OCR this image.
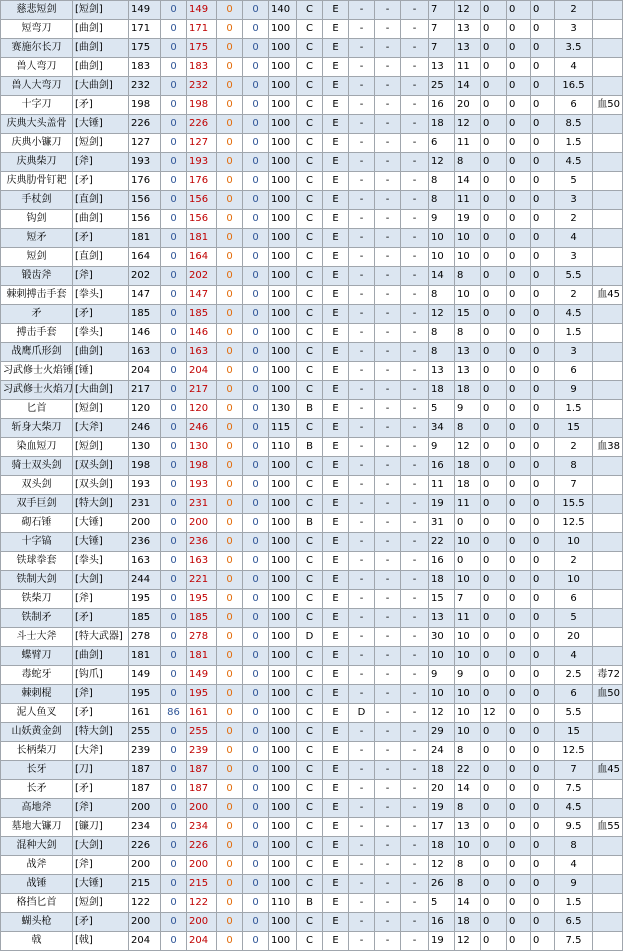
慈悲短剑	[短剑]	149	0	149	0	0	140	C	E	-	-	-	7	12	0	0	0	2	
短弯刀	[曲剑]	171	0	171	0	0	100	C	E	-	-	-	7	13	0	0	0	3	
赛施尔长刀	[曲剑]	175	0	175	0	0	100	C	E	-	-	-	7	13	0	0	0	3.5	
兽人弯刀	[曲剑]	183	0	183	0	0	100	C	E	-	-	-	13	11	0	0	0	4	
兽人大弯刀	[大曲剑]	232	0	232	0	0	100	C	E	-	-	-	25	14	0	0	0	16.5	
十字刀	[矛]	198	0	198	0	0	100	C	E	-	-	-	16	20	0	0	0	6	血50
庆典大头盖骨	[大锤]	226	0	226	0	0	100	C	E	-	-	-	18	12	0	0	0	8.5	
庆典小镰刀	[短剑]	127	0	127	0	0	100	C	E	-	-	-	6	11	0	0	0	1.5	
庆典柴刀	[斧]	193	0	193	0	0	100	C	E	-	-	-	12	8	0	0	0	4.5	
庆典肋骨钉耙	[矛]	176	0	176	0	0	100	C	E	-	-	-	8	14	0	0	0	5	
手杖剑	[直剑]	156	0	156	0	0	100	C	E	-	-	-	8	11	0	0	0	3	
钩剑	[曲剑]	156	0	156	0	0	100	C	E	-	-	-	9	19	0	0	0	2	
短矛	[矛]	181	0	181	0	0	100	C	E	-	-	-	10	10	0	0	0	4	
短剑	[直剑]	164	0	164	0	0	100	C	E	-	-	-	10	10	0	0	0	3	
锻齿斧	[斧]	202	0	202	0	0	100	C	E	-	-	-	14	8	0	0	0	5.5	
棘刺搏击手套	[拳头]	147	0	147	0	0	100	C	E	-	-	-	8	10	0	0	0	2	血45
矛	[矛]	185	0	185	0	0	100	C	E	-	-	-	12	15	0	0	0	4.5	
搏击手套	[拳头]	146	0	146	0	0	100	C	E	-	-	-	8	8	0	0	0	1.5	
战鹰爪形剑	[曲剑]	163	0	163	0	0	100	C	E	-	-	-	8	13	0	0	0	3	
习武修士火焰锤	[锤]	204	0	204	0	0	100	C	E	-	-	-	13	13	0	0	0	6	
习武修士火焰刀	[大曲剑]	217	0	217	0	0	100	C	E	-	-	-	18	18	0	0	0	9	
匕首	[短剑]	120	0	120	0	0	130	B	E	-	-	-	5	9	0	0	0	1.5	
斩身大柴刀	[大斧]	246	0	246	0	0	115	C	E	-	-	-	34	8	0	0	0	15	
染血短刀	[短剑]	130	0	130	0	0	110	B	E	-	-	-	9	12	0	0	0	2	血38
骑士双头剑	[双头剑]	198	0	198	0	0	100	C	E	-	-	-	16	18	0	0	0	8	
双头剑	[双头剑]	193	0	193	0	0	100	C	E	-	-	-	11	18	0	0	0	7	
双手巨剑	[特大剑]	231	0	231	0	0	100	C	E	-	-	-	19	11	0	0	0	15.5	
砌石锤	[大锤]	200	0	200	0	0	100	B	E	-	-	-	31	0	0	0	0	12.5	
十字镐	[大锤]	236	0	236	0	0	100	C	E	-	-	-	22	10	0	0	0	10	
铁球拳套	[拳头]	163	0	163	0	0	100	C	E	-	-	-	16	0	0	0	0	2	
铁制大剑	[大剑]	244	0	221	0	0	100	C	E	-	-	-	18	10	0	0	0	10	
铁柴刀	[斧]	195	0	195	0	0	100	C	E	-	-	-	15	7	0	0	0	6	
铁制矛	[矛]	185	0	185	0	0	100	C	E	-	-	-	13	11	0	0	0	5	
斗士大斧	[特大武器]	278	0	278	0	0	100	D	E	-	-	-	30	10	0	0	0	20	
蝶臂刀	[曲剑]	181	0	181	0	0	100	C	E	-	-	-	10	10	0	0	0	4	
毒蛇牙	[钩爪]	149	0	149	0	0	100	C	E	-	-	-	9	9	0	0	0	2.5	毒72
棘刺棍	[斧]	195	0	195	0	0	100	C	E	-	-	-	10	10	0	0	0	6	血50
泥人鱼叉	[矛]	161	86	161	0	0	100	C	E	D	-	-	12	10	12	0	0	5.5	
山妖黄金剑	[特大剑]	255	0	255	0	0	100	C	E	-	-	-	29	10	0	0	0	15	
长柄柴刀	[大斧]	239	0	239	0	0	100	C	E	-	-	-	24	8	0	0	0	12.5	
长牙	[刀]	187	0	187	0	0	100	C	E	-	-	-	18	22	0	0	0	7	血45
长矛	[矛]	187	0	187	0	0	100	C	E	-	-	-	20	14	0	0	0	7.5	
高地斧	[斧]	200	0	200	0	0	100	C	E	-	-	-	19	8	0	0	0	4.5	
墓地大镰刀	[镰刀]	234	0	234	0	0	100	C	E	-	-	-	17	13	0	0	0	9.5	血55
混种大剑	[大剑]	226	0	226	0	0	100	C	E	-	-	-	18	10	0	0	0	8	
战斧	[斧]	200	0	200	0	0	100	C	E	-	-	-	12	8	0	0	0	4	
战锤	[大锤]	215	0	215	0	0	100	C	E	-	-	-	26	8	0	0	0	9	
格挡匕首	[短剑]	122	0	122	0	0	110	B	E	-	-	-	5	14	0	0	0	1.5	
蝴头枪	[矛]	200	0	200	0	0	100	C	E	-	-	-	16	18	0	0	0	6.5	
戟	[戟]	204	0	204	0	0	100	C	E	-	-	-	19	12	0	0	0	7.5	
